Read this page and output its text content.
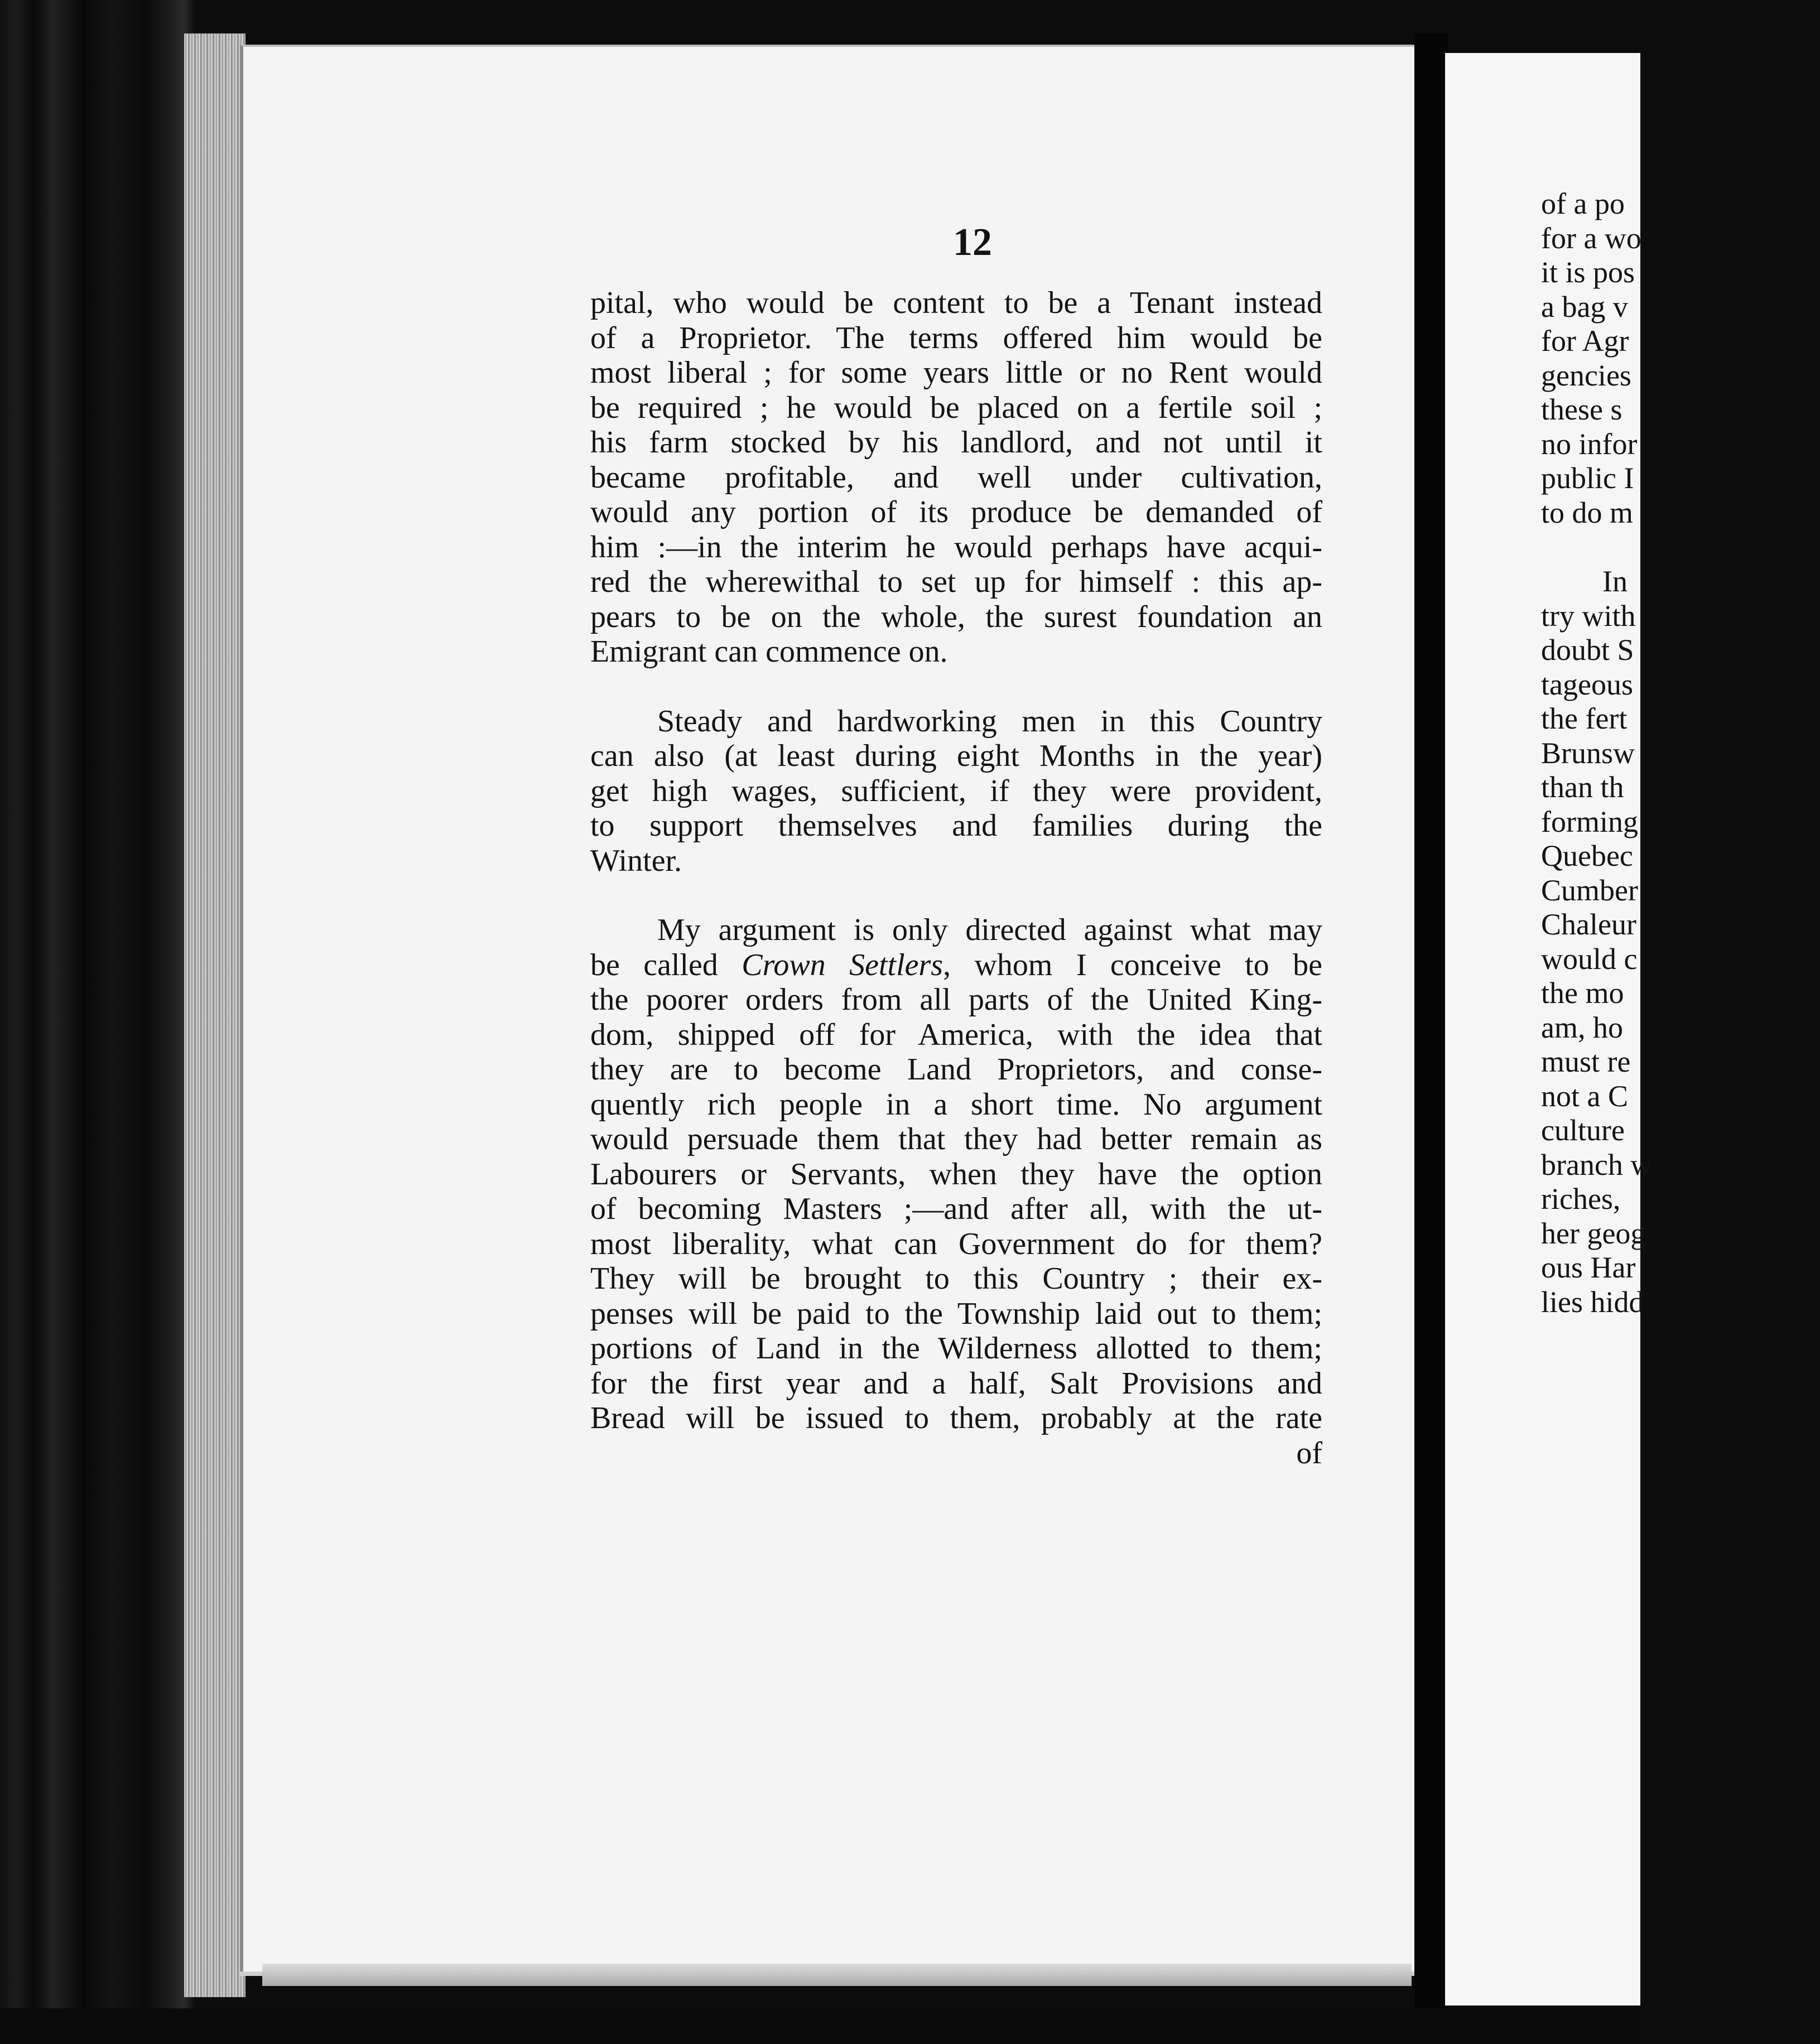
12
pital, who would be content to be a Tenant instead
of a Proprietor. The terms offered him would be
most liberal ; for some years little or no Rent would
be required ; he would be placed on a fertile soil ;
his farm stocked by his landlord, and not until it
became profitable, and well under cultivation,
would any portion of its produce be demanded of
him :—in the interim he would perhaps have acqui-
red the wherewithal to set up for himself : this ap-
pears to be on the whole, the surest foundation an
Emigrant can commence on.
Steady and hardworking men in this Country
can also (at least during eight Months in the year)
get high wages, sufficient, if they were provident,
to support themselves and families during the
Winter.
My argument is only directed against what may
be called Crown Settlers, whom I conceive to be
the poorer orders from all parts of the United King-
dom, shipped off for America, with the idea that
they are to become Land Proprietors, and conse-
quently rich people in a short time. No argument
would persuade them that they had better remain as
Labourers or Servants, when they have the option
of becoming Masters ;—and after all, with the ut-
most liberality, what can Government do for them?
They will be brought to this Country ; their ex-
penses will be paid to the Township laid out to them;
portions of Land in the Wilderness allotted to them;
for the first year and a half, Salt Provisions and
Bread will be issued to them, probably at the rate
of
of a po
for a wo
it is pos
a bag v
for Agr
gencies
these s
no infor
public I
to do m
In
try with
doubt S
tageous
the fert
Brunsw
than th
forming
Quebec
Cumber
Chaleur
would c
the mo
am, ho
must re
not a C
culture
branch w
riches,
her geog
ous Har
lies hidd
